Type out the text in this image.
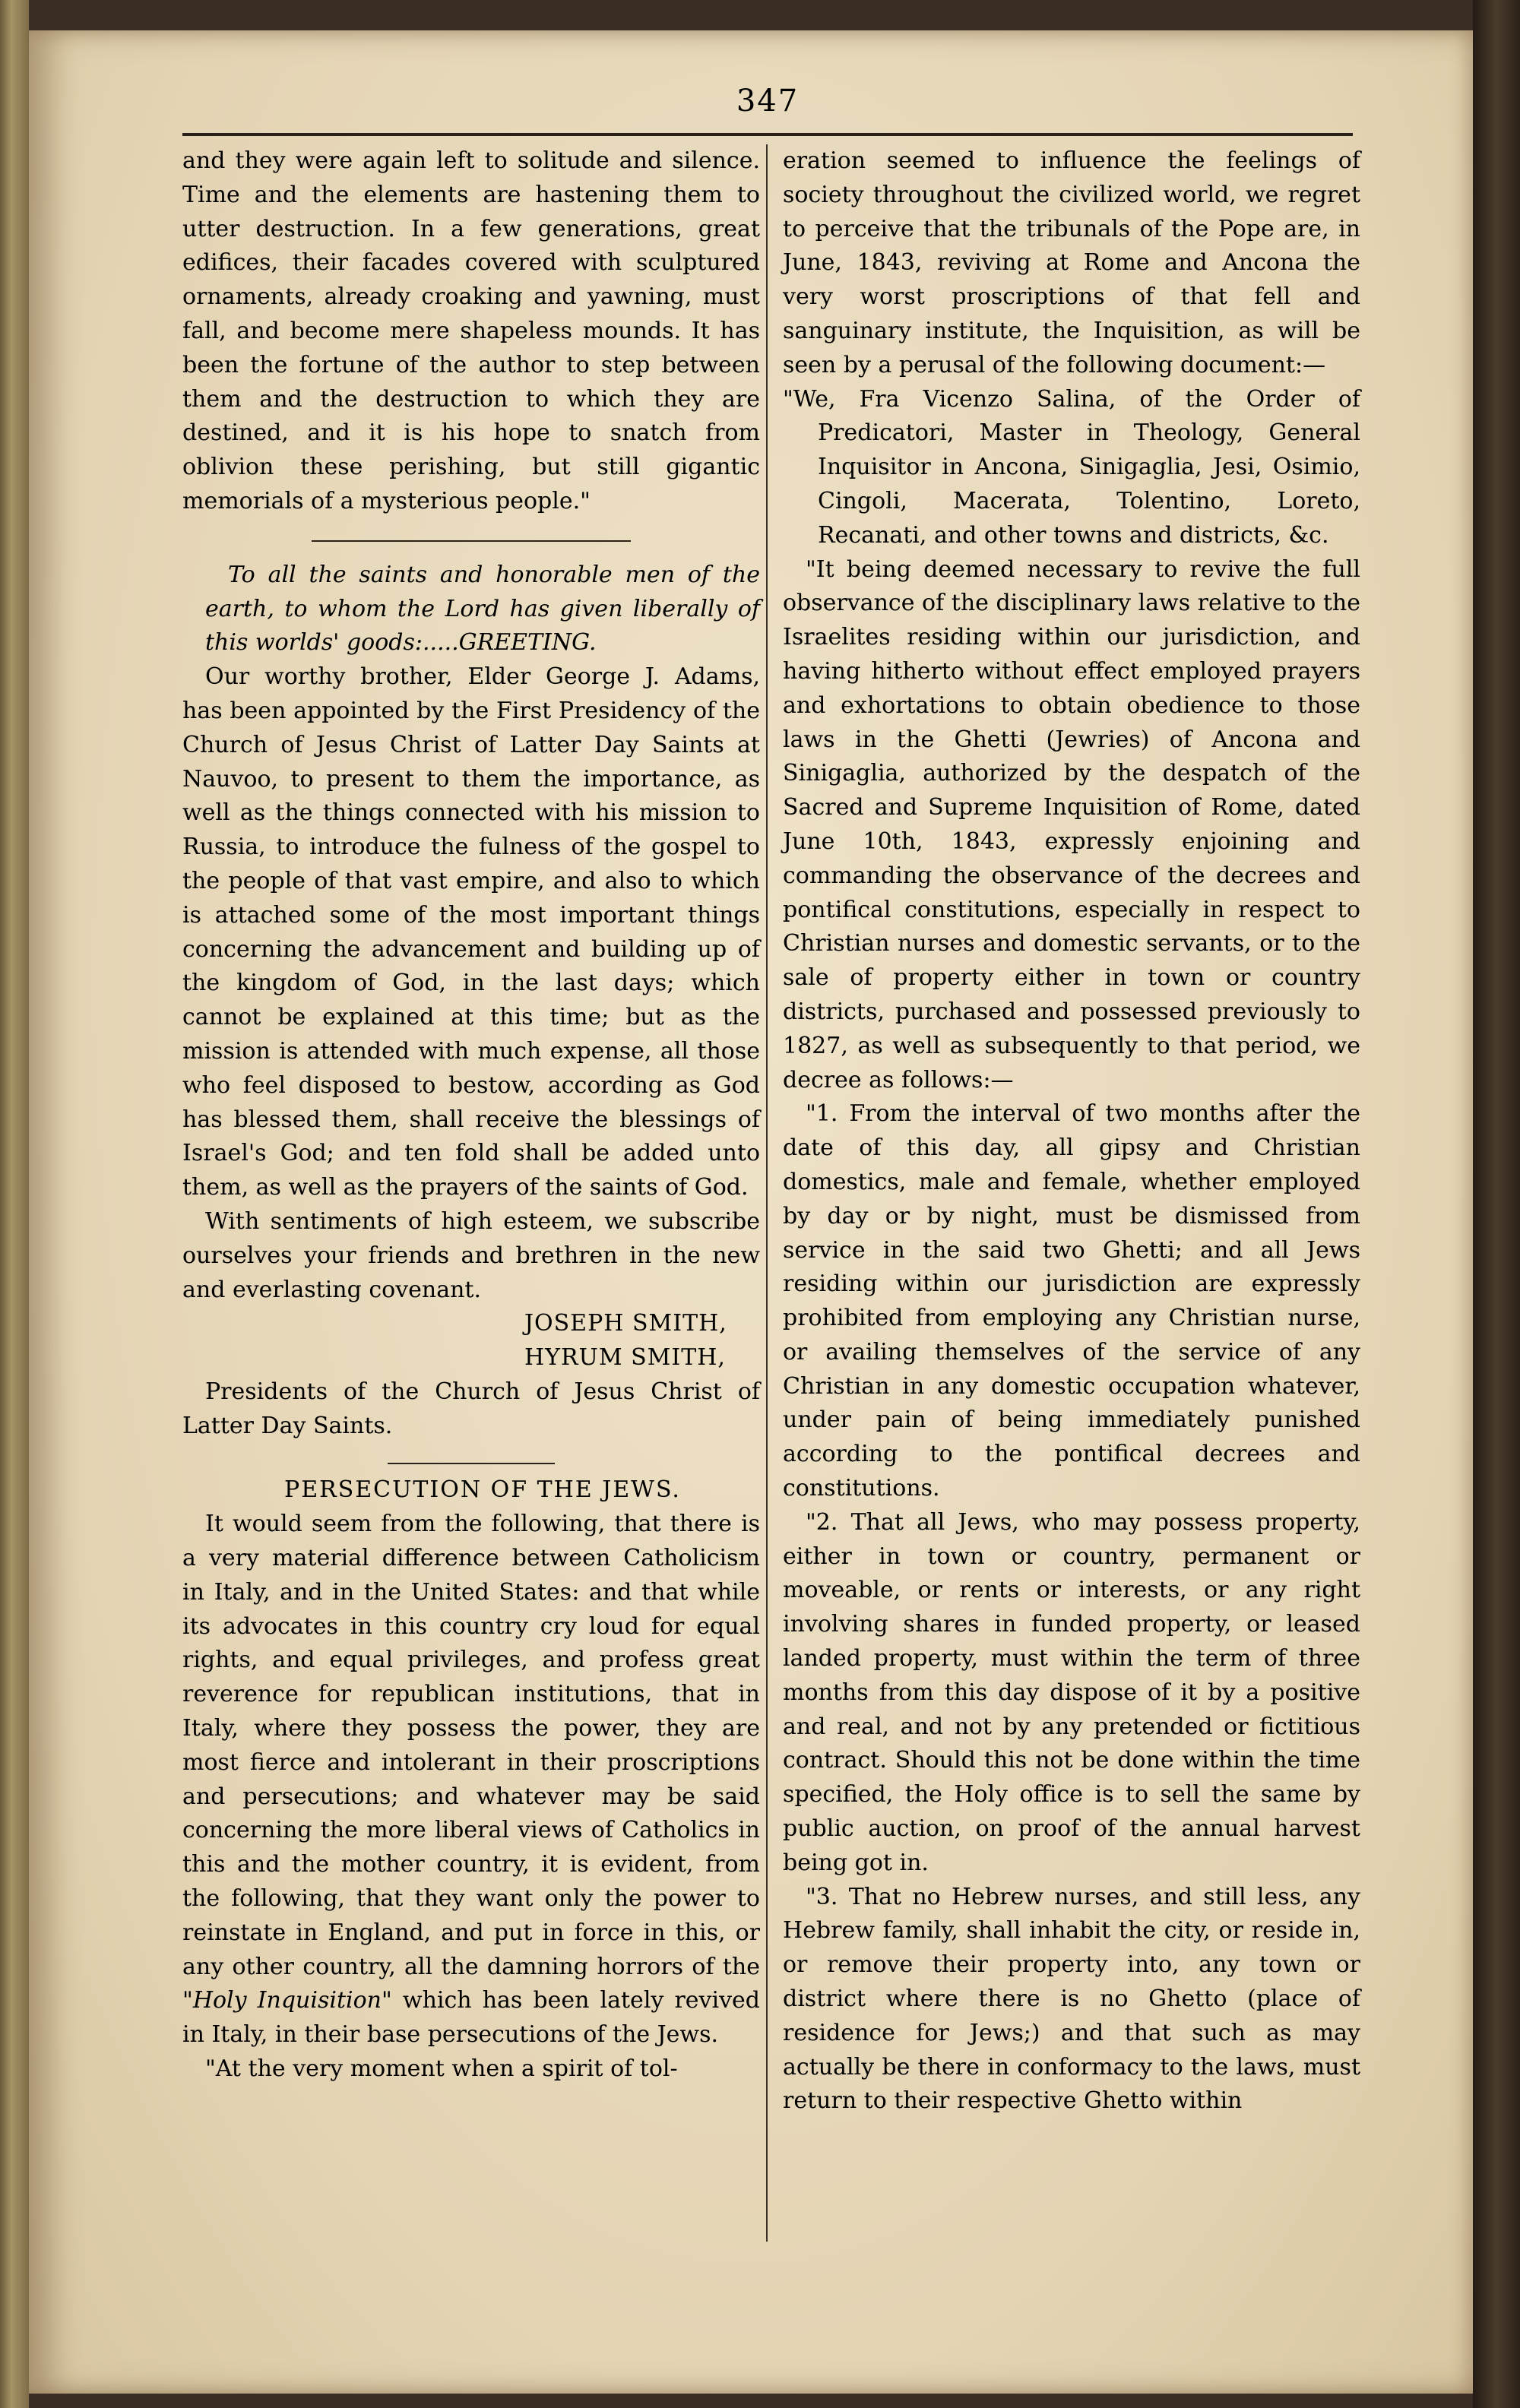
347

and they were again left to solitude and silence. Time and the elements are hastening them to utter destruction. In a few generations, great edifices, their facades covered with sculptured ornaments, already croaking and yawning, must fall, and become mere shapeless mounds. It has been the fortune of the author to step between them and the destruction to which they are destined, and it is his hope to snatch from oblivion these perishing, but still gigantic memorials of a mysterious people."

To all the saints and honorable men of the earth, to whom the Lord has given liberally of this worlds' goods:.....GREETING.

Our worthy brother, Elder George J. Adams, has been appointed by the First Presidency of the Church of Jesus Christ of Latter Day Saints at Nauvoo, to present to them the importance, as well as the things connected with his mission to Russia, to introduce the fulness of the gospel to the people of that vast empire, and also to which is attached some of the most important things concerning the advancement and building up of the kingdom of God, in the last days; which cannot be explained at this time; but as the mission is attended with much expense, all those who feel disposed to bestow, according as God has blessed them, shall receive the blessings of Israel's God; and ten fold shall be added unto them, as well as the prayers of the saints of God.

With sentiments of high esteem, we subscribe ourselves your friends and brethren in the new and everlasting covenant.

JOSEPH SMITH,

HYRUM SMITH,

Presidents of the Church of Jesus Christ of Latter Day Saints.

PERSECUTION OF THE JEWS.

It would seem from the following, that there is a very material difference between Catholicism in Italy, and in the United States: and that while its advocates in this country cry loud for equal rights, and equal privileges, and profess great reverence for republican institutions, that in Italy, where they possess the power, they are most fierce and intolerant in their proscriptions and persecutions; and whatever may be said concerning the more liberal views of Catholics in this and the mother country, it is evident, from the following, that they want only the power to reinstate in England, and put in force in this, or any other country, all the damning horrors of the "Holy Inquisition" which has been lately revived in Italy, in their base persecutions of the Jews.

"At the very moment when a spirit of tol-

eration seemed to influence the feelings of society throughout the civilized world, we regret to perceive that the tribunals of the Pope are, in June, 1843, reviving at Rome and Ancona the very worst proscriptions of that fell and sanguinary institute, the Inquisition, as will be seen by a perusal of the following document:—

"We, Fra Vicenzo Salina, of the Order of Predicatori, Master in Theology, General Inquisitor in Ancona, Sinigaglia, Jesi, Osimio, Cingoli, Macerata, Tolentino, Loreto, Recanati, and other towns and districts, &c.

"It being deemed necessary to revive the full observance of the disciplinary laws relative to the Israelites residing within our jurisdiction, and having hitherto without effect employed prayers and exhortations to obtain obedience to those laws in the Ghetti (Jewries) of Ancona and Sinigaglia, authorized by the despatch of the Sacred and Supreme Inquisition of Rome, dated June 10th, 1843, expressly enjoining and commanding the observance of the decrees and pontifical constitutions, especially in respect to Christian nurses and domestic servants, or to the sale of property either in town or country districts, purchased and possessed previously to 1827, as well as subsequently to that period, we decree as follows:—

"1. From the interval of two months after the date of this day, all gipsy and Christian domestics, male and female, whether employed by day or by night, must be dismissed from service in the said two Ghetti; and all Jews residing within our jurisdiction are expressly prohibited from employing any Christian nurse, or availing themselves of the service of any Christian in any domestic occupation whatever, under pain of being immediately punished according to the pontifical decrees and constitutions.

"2. That all Jews, who may possess property, either in town or country, permanent or moveable, or rents or interests, or any right involving shares in funded property, or leased landed property, must within the term of three months from this day dispose of it by a positive and real, and not by any pretended or fictitious contract. Should this not be done within the time specified, the Holy office is to sell the same by public auction, on proof of the annual harvest being got in.

"3. That no Hebrew nurses, and still less, any Hebrew family, shall inhabit the city, or reside in, or remove their property into, any town or district where there is no Ghetto (place of residence for Jews;) and that such as may actually be there in conformacy to the laws, must return to their respective Ghetto within
